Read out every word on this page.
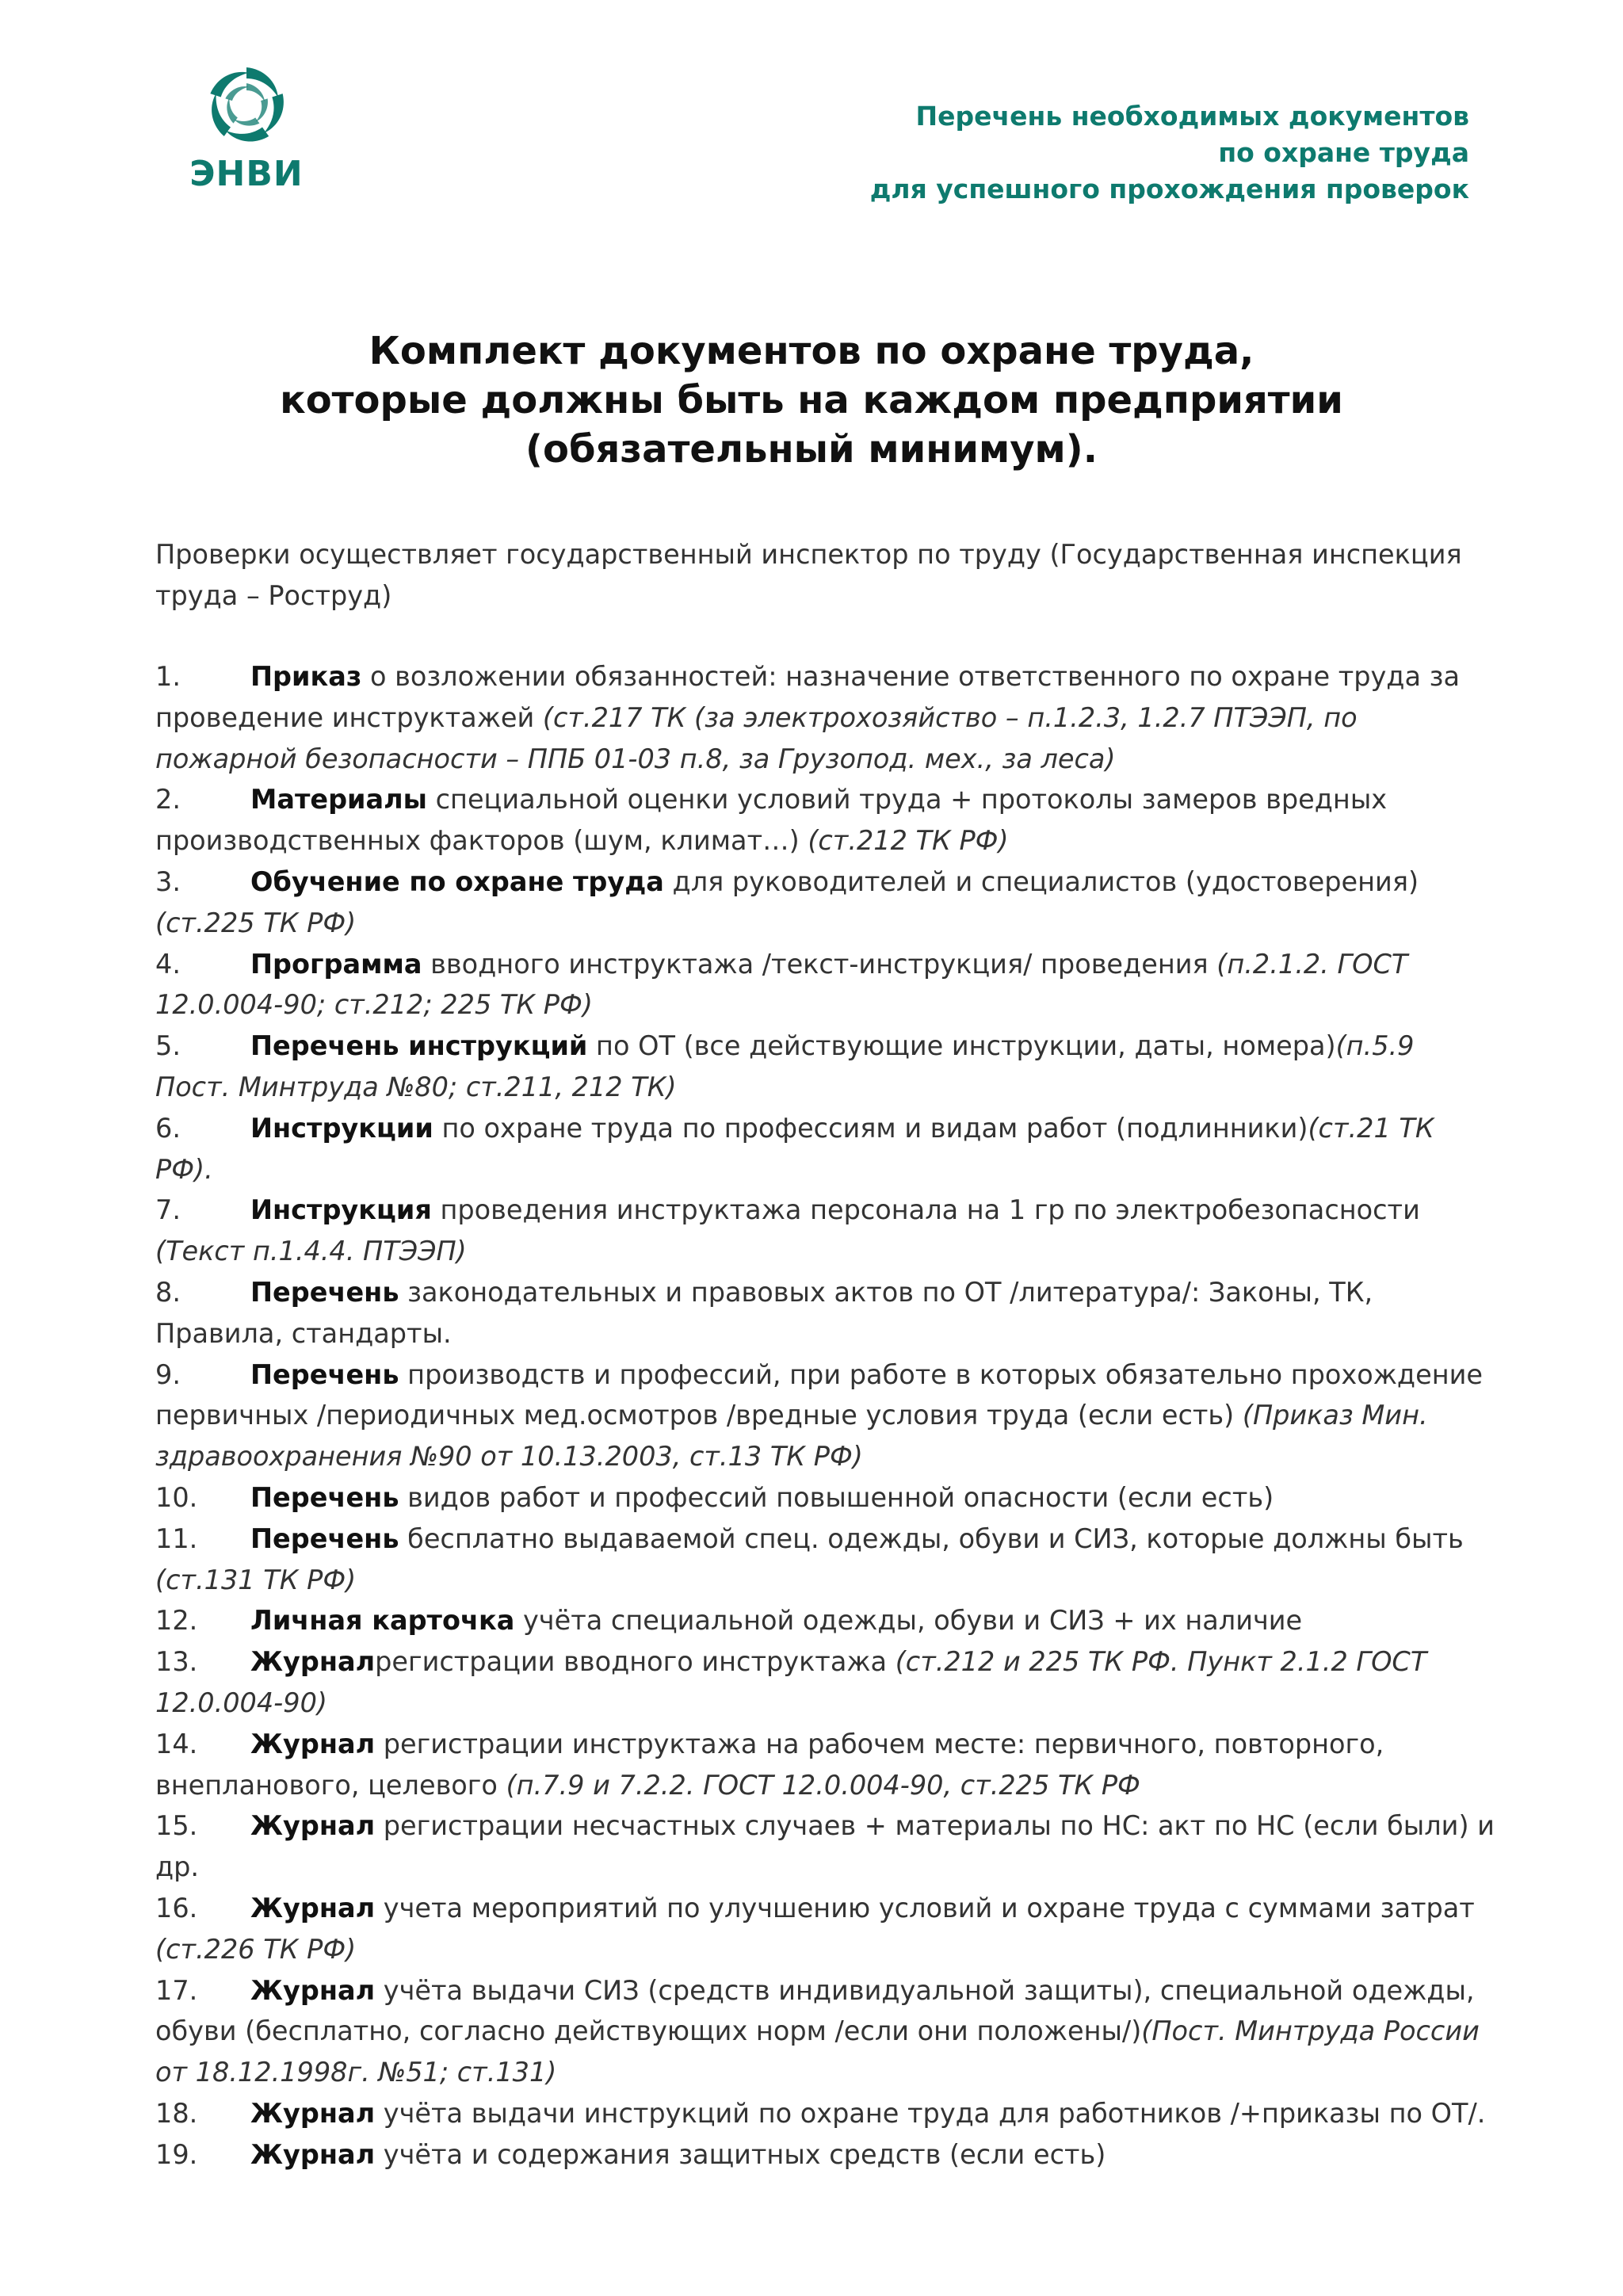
ЭНВИ
Перечень необходимых документов
по охране труда
для успешного прохождения проверок
Комплект документов по охране труда,
которые должны быть на каждом предприятии
(обязательный минимум).
Проверки осуществляет государственный инспектор по труду (Государственная инспекция труда – Роструд)
1.	Приказ о возложении обязанностей: назначение ответственного по охране труда за проведение инструктажей (ст.217 ТК (за электрохозяйство – п.1.2.3, 1.2.7 ПТЭЭП, по пожарной безопасности – ППБ 01-03 п.8, за Грузопод. мех., за леса)
2.	Материалы специальной оценки условий труда + протоколы замеров вредных производственных факторов (шум, климат…) (ст.212 ТК РФ)
3.	Обучение по охране труда для руководителей и специалистов (удостоверения) (ст.225 ТК РФ)
4.	Программа вводного инструктажа /текст-инструкция/ проведения (п.2.1.2. ГОСТ 12.0.004-90; ст.212; 225 ТК РФ)
5.	Перечень инструкций по ОТ (все действующие инструкции, даты, номера)(п.5.9 Пост. Минтруда №80; ст.211, 212 ТК)
6.	Инструкции по охране труда по профессиям и видам работ (подлинники)(ст.21 ТК РФ).
7.	Инструкция проведения инструктажа персонала на 1 гр по электробезопасности (Текст п.1.4.4. ПТЭЭП)
8.	Перечень законодательных и правовых актов по ОТ /литература/: Законы, ТК, Правила, стандарты.
9.	Перечень производств и профессий, при работе в которых обязательно прохождение первичных /периодичных мед.осмотров /вредные условия труда (если есть) (Приказ Мин. здравоохранения №90 от 10.13.2003, ст.13 ТК РФ)
10. Перечень видов работ и профессий повышенной опасности (если есть)
11. Перечень бесплатно выдаваемой спец. одежды, обуви и СИЗ, которые должны быть (ст.131 ТК РФ)
12. Личная карточка учёта специальной одежды, обуви и СИЗ + их наличие
13. Журналрегистрации вводного инструктажа (ст.212 и 225 ТК РФ. Пункт 2.1.2 ГОСТ 12.0.004-90)
14. Журнал регистрации инструктажа на рабочем месте: первичного, повторного, внепланового, целевого (п.7.9 и 7.2.2. ГОСТ 12.0.004-90, ст.225 ТК РФ
15. Журнал регистрации несчастных случаев + материалы по НС: акт по НС (если были) и др.
16. Журнал учета мероприятий по улучшению условий и охране труда с суммами затрат (ст.226 ТК РФ)
17. Журнал учёта выдачи СИЗ (средств индивидуальной защиты), специальной одежды, обуви (бесплатно, согласно действующих норм /если они положены/)(Пост. Минтруда России от 18.12.1998г. №51; ст.131)
18. Журнал учёта выдачи инструкций по охране труда для работников /+приказы по ОТ/.
19. Журнал учёта и содержания защитных средств (если есть)
